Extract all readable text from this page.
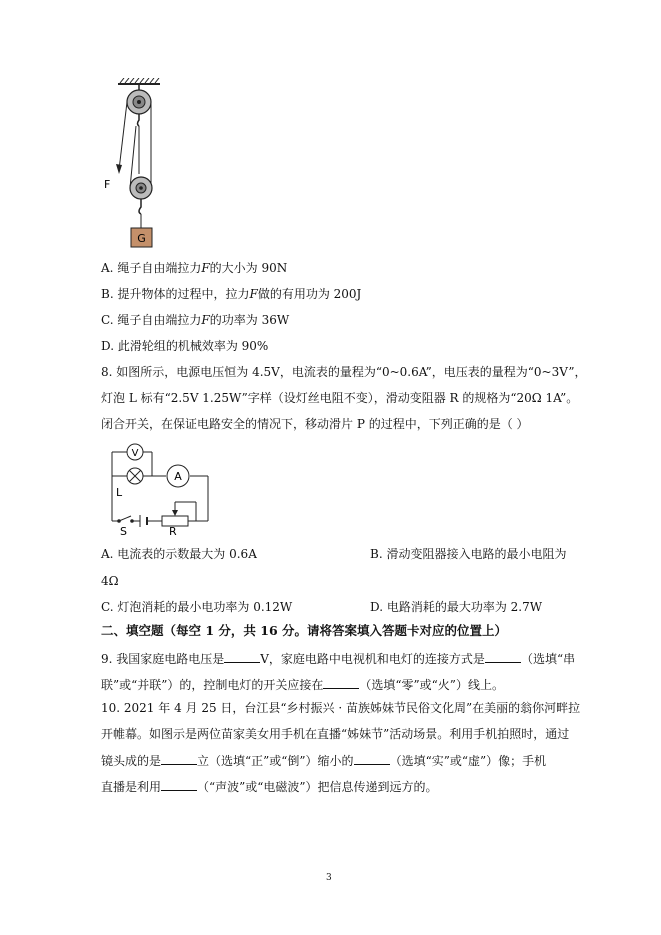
G
F
A. 绳子自由端拉力F的大小为 90N
B. 提升物体的过程中，拉力F做的有用功为 200J
C. 绳子自由端拉力F的功率为 36W
D. 此滑轮组的机械效率为 90%
8. 如图所示，电源电压恒为 4.5V，电流表的量程为“0~0.6A”，电压表的量程为“0~3V”，
灯泡 L 标有“2.5V 1.25W”字样（设灯丝电阻不变），滑动变阻器 R 的规格为“20Ω 1A”。
闭合开关，在保证电路安全的情况下，移动滑片 P 的过程中，下列正确的是（ ）
V
A
L
S	R
A. 电流表的示数最大为 0.6A	B. 滑动变阻器接入电路的最小电阻为
4Ω
C. 灯泡消耗的最小电功率为 0.12W	D. 电路消耗的最大功率为 2.7W
二、填空题（每空 1 分，共 16 分。请将答案填入答题卡对应的位置上）
9. 我国家庭电路电压是	V，家庭电路中电视机和电灯的连接方式是	（选填“串
联”或“并联”）的，控制电灯的开关应接在	（选填“零”或“火”）线上。
10. 2021 年 4 月 25 日，台江县“乡村振兴 · 苗族姊妹节民俗文化周”在美丽的翁你河畔拉
开帷幕。如图示是两位苗家美女用手机在直播“姊妹节”活动场景。利用手机拍照时，通过
镜头成的是	立（选填“正”或“倒”）缩小的	（选填“实”或“虚”）像；手机
直播是利用	（“声波”或“电磁波”）把信息传递到远方的。
3
